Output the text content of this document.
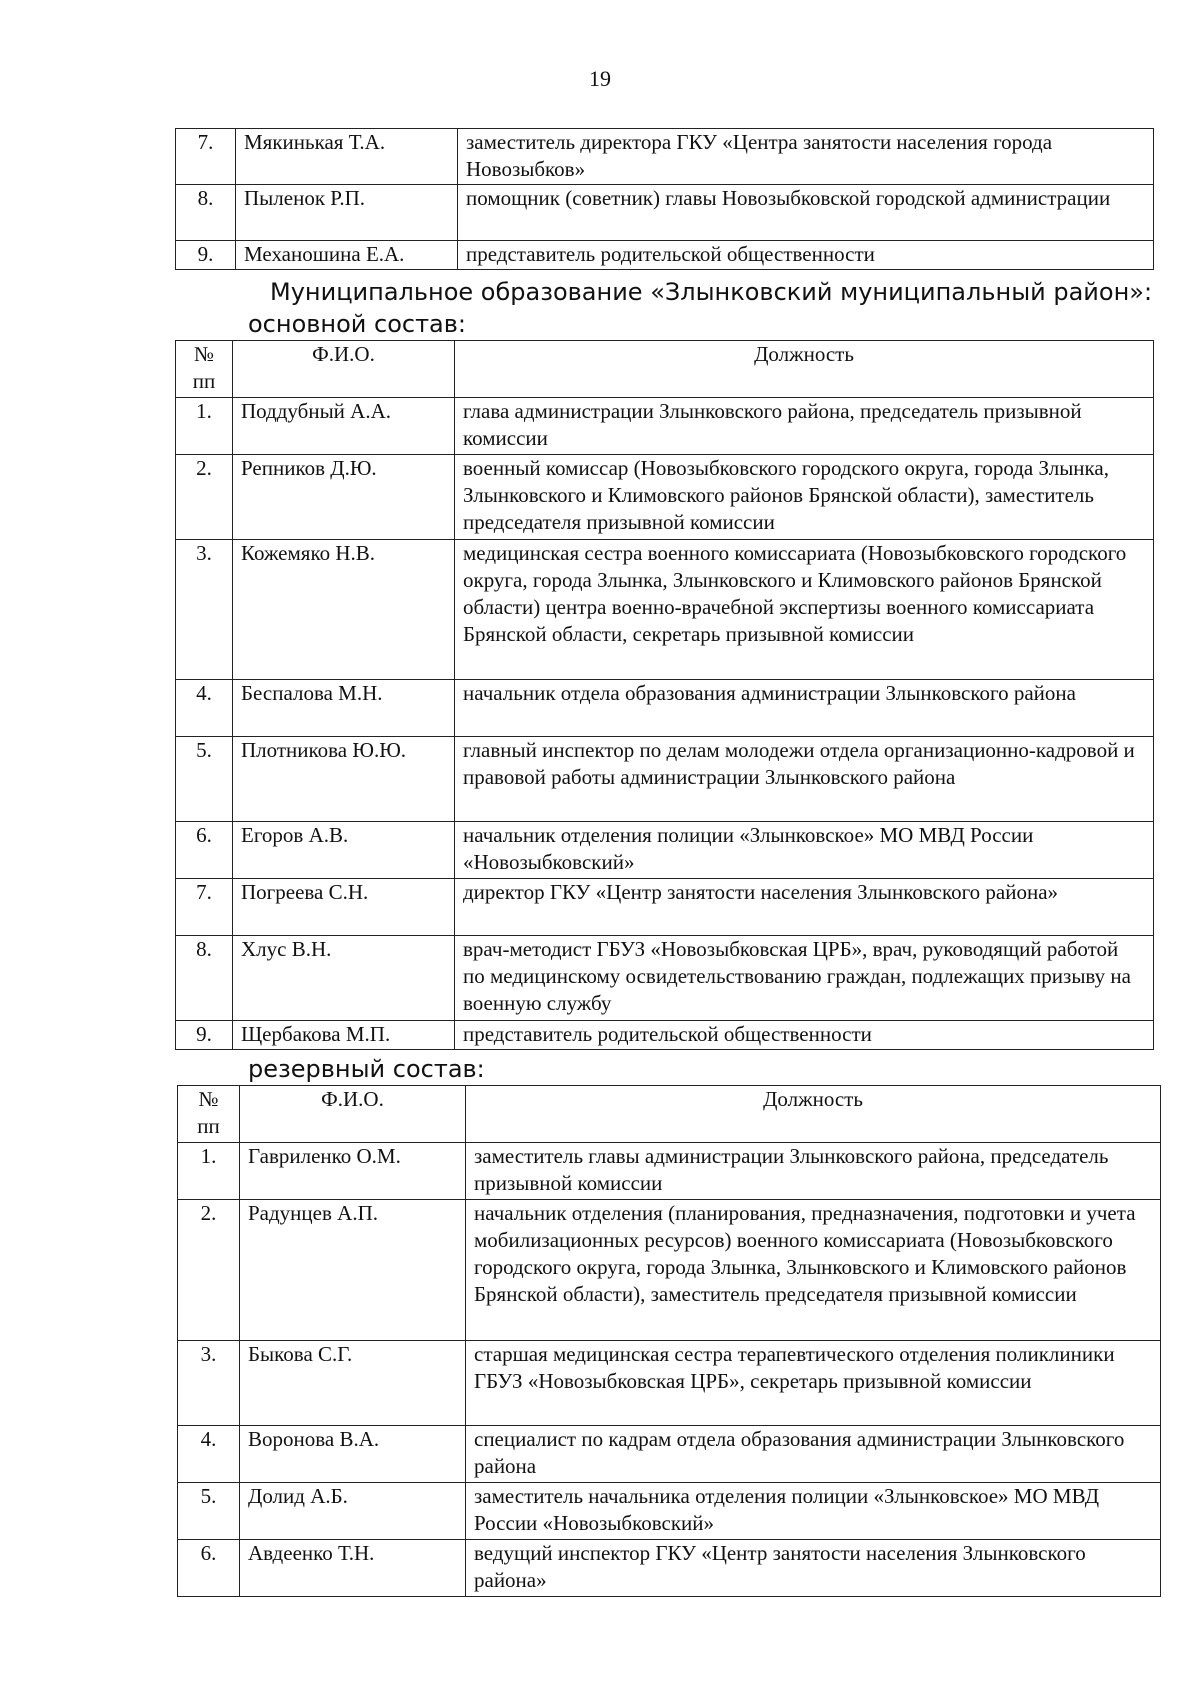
19
7.	Мякинькая Т.А.	заместитель директора ГКУ «Центра занятости населения города Новозыбков»
8.	Пыленок Р.П.	помощник (советник) главы Новозыбковской городской администрации
9.	Механошина Е.А.	представитель родительской общественности
Муниципальное образование «Злынковский муниципальный район»:
основной состав:
№ пп	Ф.И.О.	Должность
1.	Поддубный А.А.	глава администрации Злынковского района, председатель призывной комиссии
2.	Репников Д.Ю.	военный комиссар (Новозыбковского городского округа, города Злынка, Злынковского и Климовского районов Брянской области), заместитель председателя призывной комиссии
3.	Кожемяко Н.В.	медицинская сестра военного комиссариата (Новозыбковского городского округа, города Злынка, Злынковского и Климовского районов Брянской области) центра военно-врачебной экспертизы военного комиссариата Брянской области, секретарь призывной комиссии
4.	Беспалова М.Н.	начальник отдела образования администрации Злынковского района
5.	Плотникова Ю.Ю.	главный инспектор по делам молодежи отдела организационно-кадровой и правовой работы администрации Злынковского района
6.	Егоров А.В.	начальник отделения полиции «Злынковское» МО МВД России «Новозыбковский»
7.	Погреева С.Н.	директор ГКУ «Центр занятости населения Злынковского района»
8.	Хлус В.Н.	врач-методист ГБУЗ «Новозыбковская ЦРБ», врач, руководящий работой по медицинскому освидетельствованию граждан, подлежащих призыву на военную службу
9.	Щербакова М.П.	представитель родительской общественности
резервный состав:
№ пп	Ф.И.О.	Должность
1.	Гавриленко О.М.	заместитель главы администрации Злынковского района, председатель призывной комиссии
2.	Радунцев А.П.	начальник отделения (планирования, предназначения, подготовки и учета мобилизационных ресурсов) военного комиссариата (Новозыбковского городского округа, города Злынка, Злынковского и Климовского районов Брянской области), заместитель председателя призывной комиссии
3.	Быкова С.Г.	старшая медицинская сестра терапевтического отделения поликлиники ГБУЗ «Новозыбковская ЦРБ», секретарь призывной комиссии
4.	Воронова В.А.	специалист по кадрам отдела образования администрации Злынковского района
5.	Долид А.Б.	заместитель начальника отделения полиции «Злынковское» МО МВД России «Новозыбковский»
6.	Авдеенко Т.Н.	ведущий инспектор ГКУ «Центр занятости населения Злынковского района»
